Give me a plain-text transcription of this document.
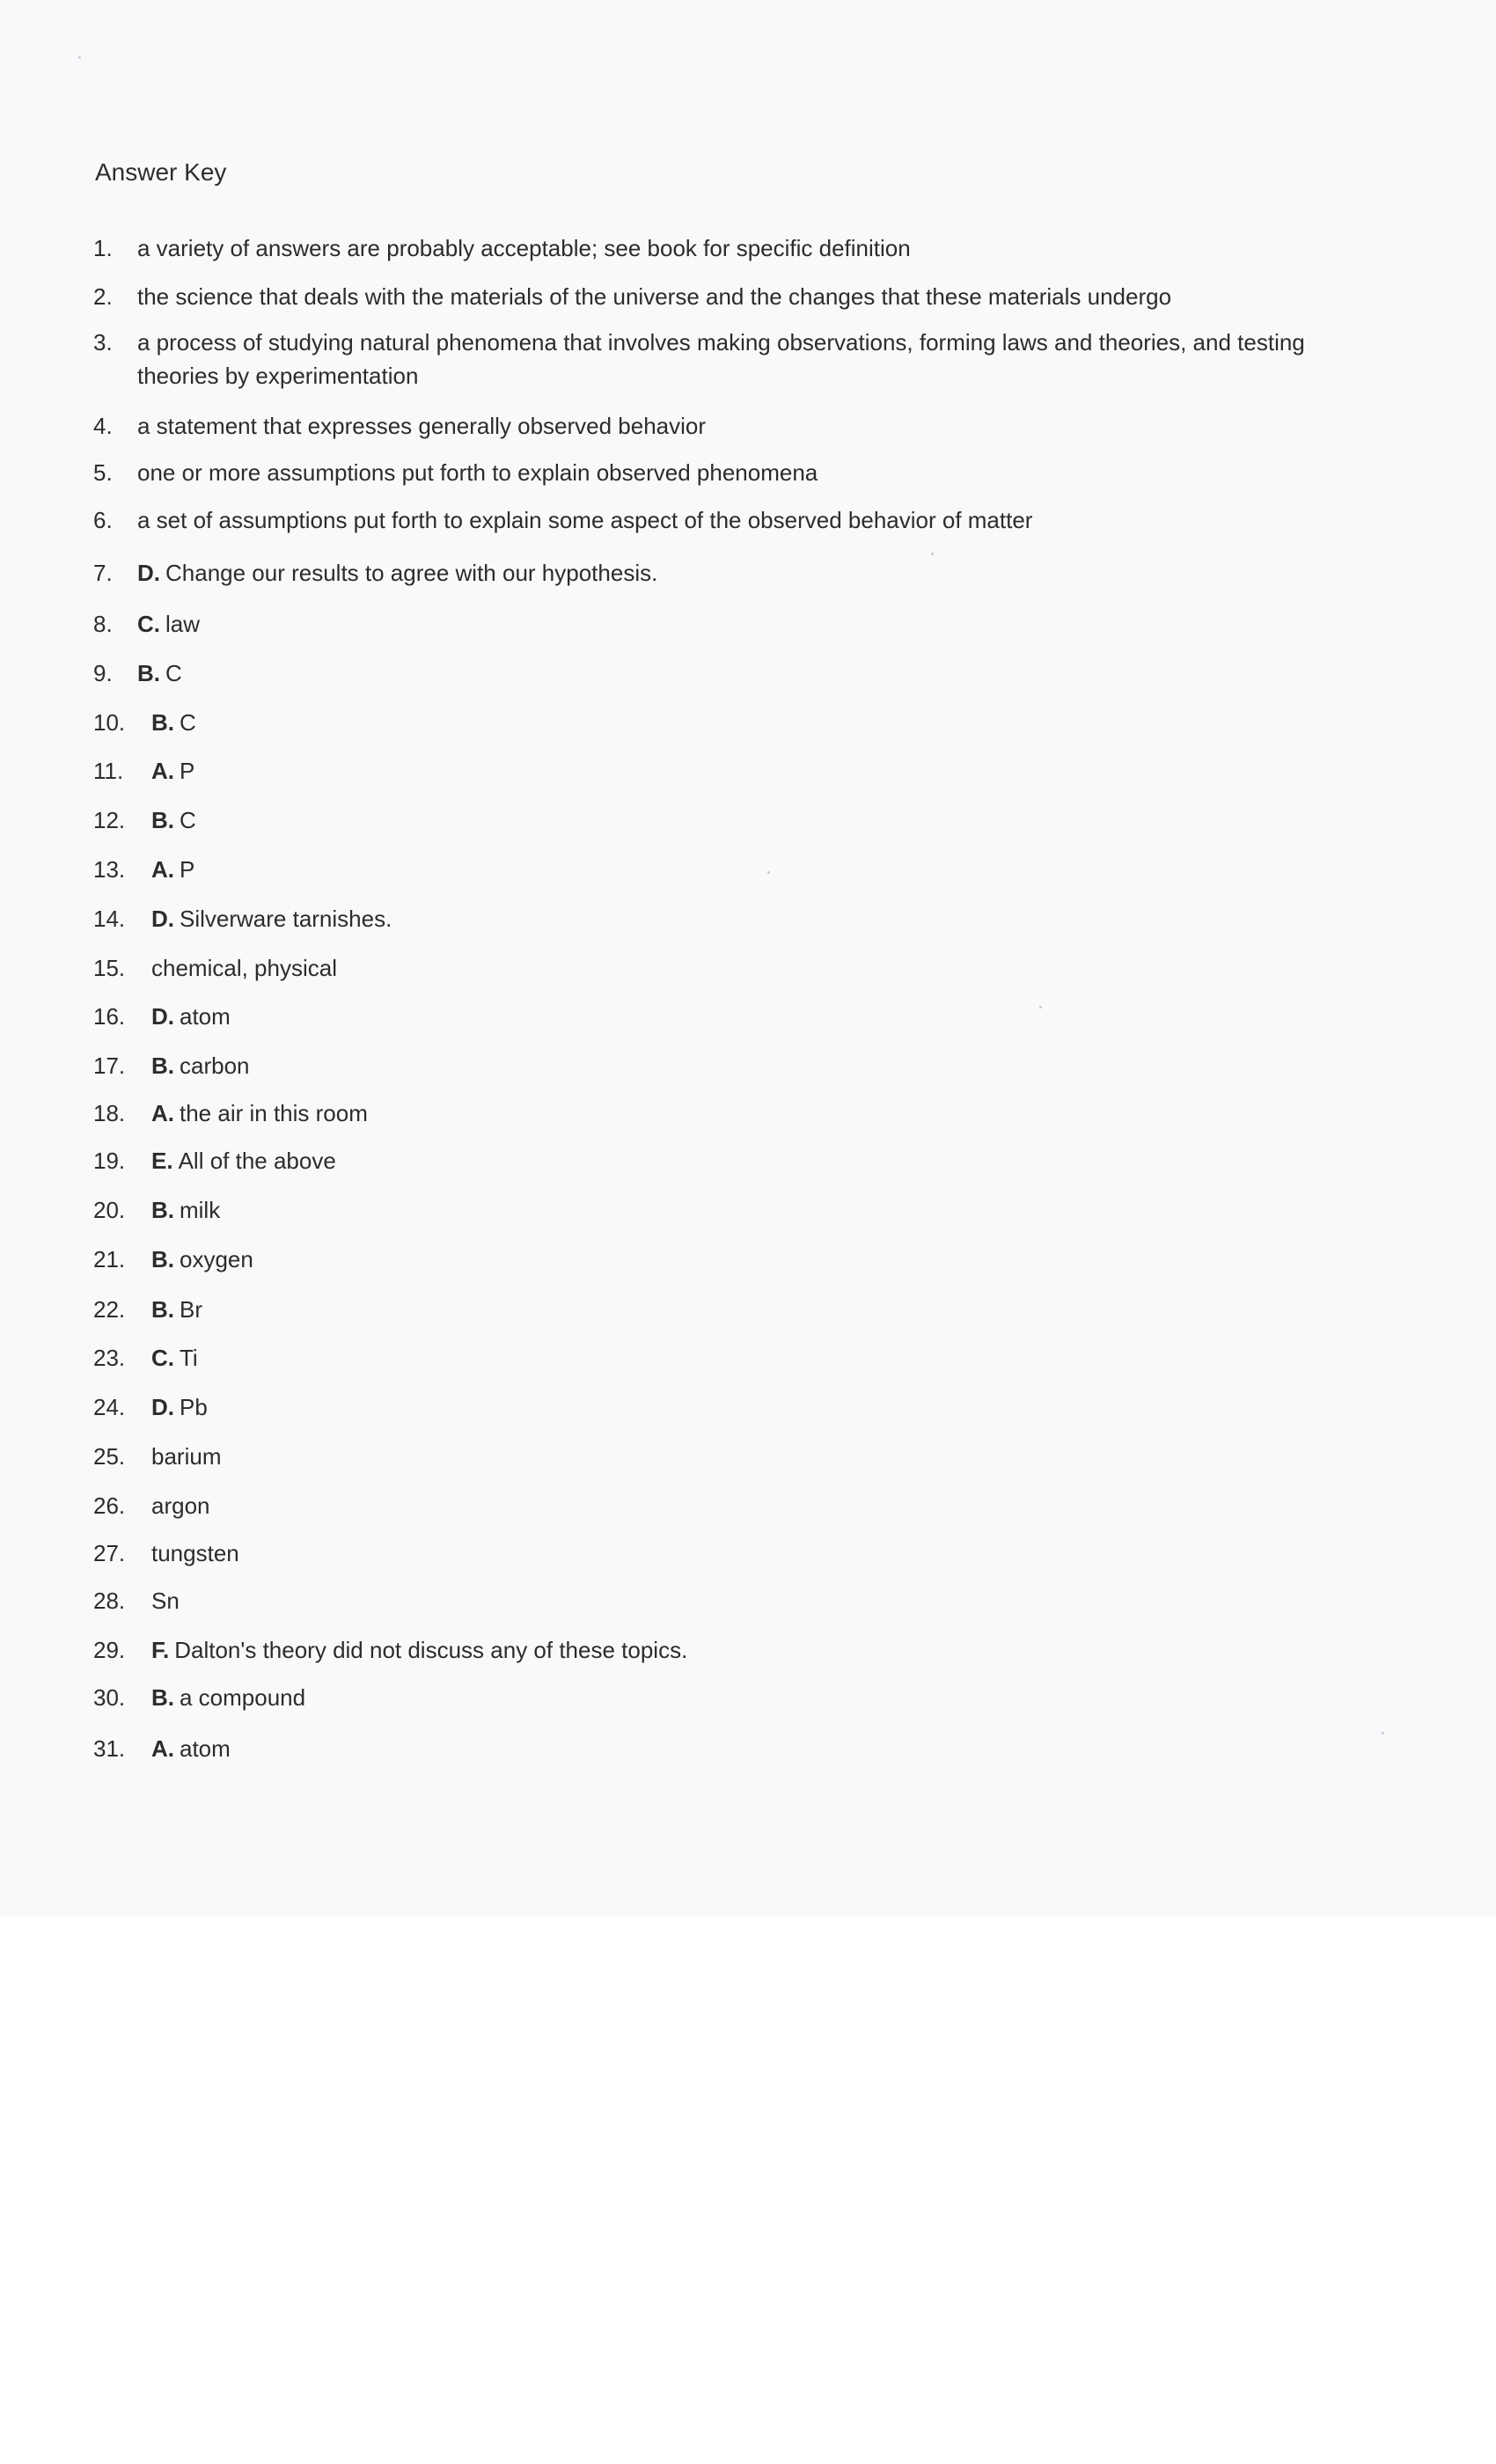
Answer Key
1. a variety of answers are probably acceptable; see book for specific definition
2. the science that deals with the materials of the universe and the changes that these materials undergo
3. a process of studying natural phenomena that involves making observations, forming laws and theories, and testing theories by experimentation
4. a statement that expresses generally observed behavior
5. one or more assumptions put forth to explain observed phenomena
6. a set of assumptions put forth to explain some aspect of the observed behavior of matter
7. D. Change our results to agree with our hypothesis.
8. C. law
9. B. C
10. B. C
11. A. P
12. B. C
13. A. P
14. D. Silverware tarnishes.
15. chemical, physical
16. D. atom
17. B. carbon
18. A. the air in this room
19. E. All of the above
20. B. milk
21. B. oxygen
22. B. Br
23. C. Ti
24. D. Pb
25. barium
26. argon
27. tungsten
28. Sn
29. F. Dalton's theory did not discuss any of these topics.
30. B. a compound
31. A. atom
